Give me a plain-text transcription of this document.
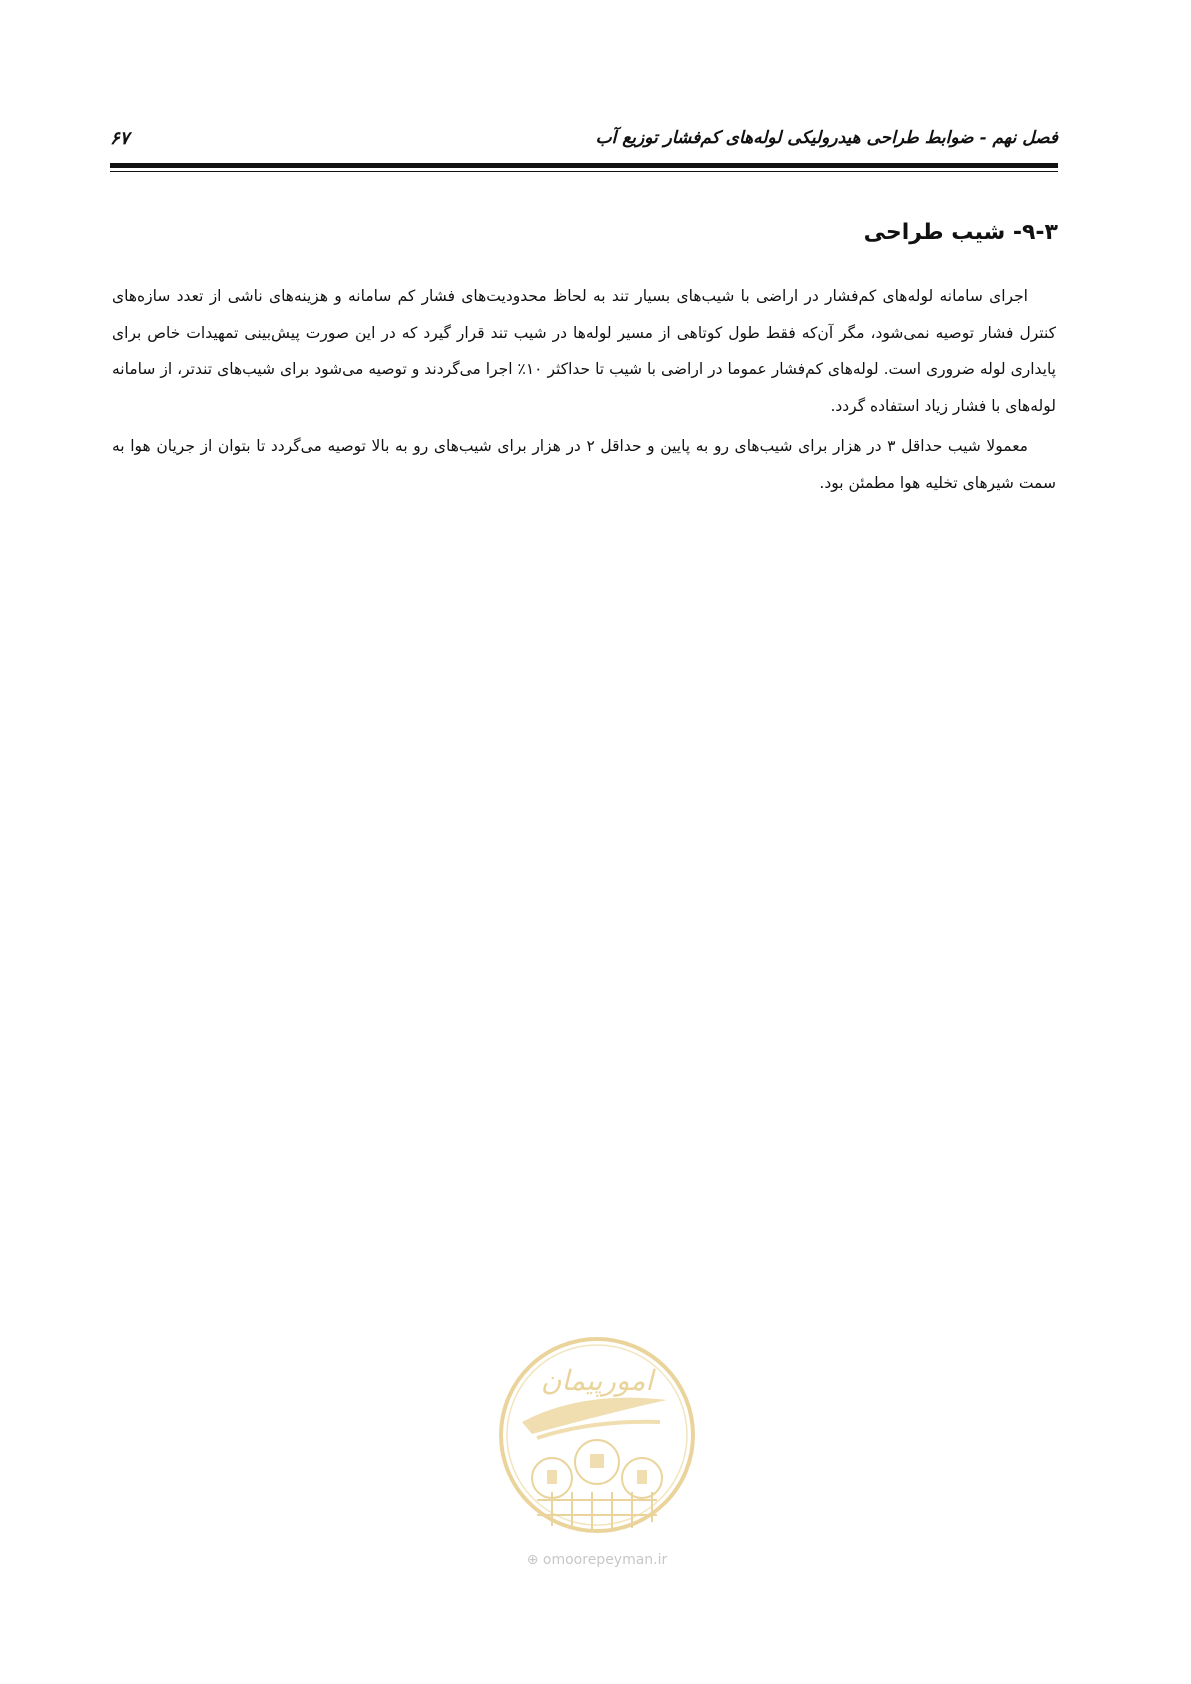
فصل نهم - ضوابط طراحی هیدرولیکی لوله‌های کم‌فشار توزیع آب
۶۷
۹-۳- شیب طراحی

اجرای سامانه لوله‌های کم‌فشار در اراضی با شیب‌های بسیار تند به لحاظ محدودیت‌های فشار کم سامانه و هزینه‌های ناشی از تعدد سازه‌های کنترل فشار توصیه نمی‌شود، مگر آن‌که فقط طول کوتاهی از مسیر لوله‌ها در شیب تند قرار گیرد که در این صورت پیش‌بینی تمهیدات خاص برای پایداری لوله ضروری است. لوله‌های کم‌فشار عموما در اراضی با شیب تا حداکثر ۱۰٪ اجرا می‌گردند و توصیه می‌شود برای شیب‌های تندتر، از سامانه لوله‌های با فشار زیاد استفاده گردد.

معمولا شیب حداقل ۳ در هزار برای شیب‌های رو به پایین و حداقل ۲ در هزار برای شیب‌های رو به بالا توصیه می‌گردد تا بتوان از جریان هوا به سمت شیرهای تخلیه هوا مطمئن بود.

امورپیمان
⊕ omoorepeyman.ir
